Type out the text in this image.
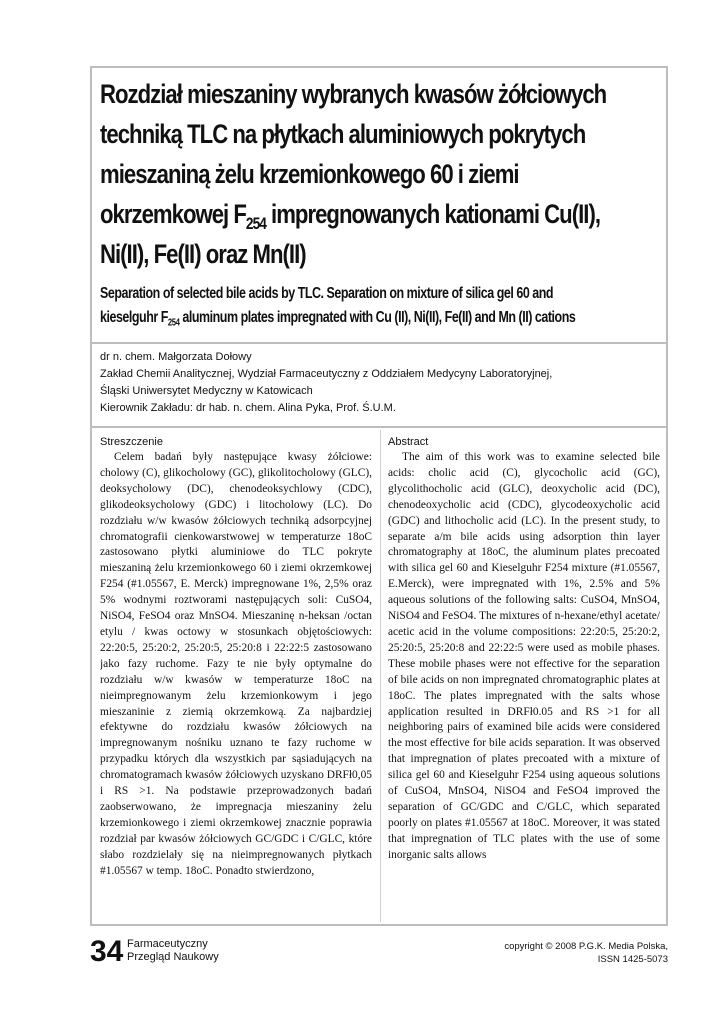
Rozdział mieszaniny wybranych kwasów żółciowych
techniką TLC na płytkach aluminiowych pokrytych
mieszaniną żelu krzemionkowego 60 i ziemi
okrzemkowej $F_{254}$ impregnowanych kationami Cu(II),
Ni(II), Fe(II) oraz Mn(II)
Separation of selected bile acids by TLC. Separation on mixture of silica gel 60 and
kieselguhr $F_{254}$ aluminum plates impregnated with Cu (II), Ni(II), Fe(II) and Mn (II) cations
dr n. chem. Małgorzata Dołowy
Zakład Chemii Analitycznej, Wydział Farmaceutyczny z Oddziałem Medycyny Laboratoryjnej,
Śląski Uniwersytet Medyczny w Katowicach
Kierownik Zakładu: dr hab. n. chem. Alina Pyka, Prof. Ś.U.M.
Streszczenie

Celem badań były następujące kwasy żółciowe: cholowy (C), glikocholowy (GC), glikolitocholowy (GLC), deoksycholowy (DC), chenodeoksychlowy (CDC), glikodeoksycholowy (GDC) i litocholowy (LC). Do rozdziału w/w kwasów żółciowych techniką adsorpcyjnej chromatografii cienkowarstwowej w temperaturze 18oC zastosowano płytki aluminiowe do TLC pokryte mieszaniną żelu krzemionkowego 60 i ziemi okrzemkowej F254 (#1.05567, E. Merck) impregnowane 1%, 2,5% oraz 5% wodnymi roztworami następujących soli: CuSO4, NiSO4, FeSO4 oraz MnSO4. Mieszaninę n-heksan /octan etylu / kwas octowy w stosunkach objętościowych: 22:20:5, 25:20:2, 25:20:5, 25:20:8 i 22:22:5 zastosowano jako fazy ruchome. Fazy te nie były optymalne do rozdziału w/w kwasów w temperaturze 18oC na nieimpregnowanym żelu krzemionkowym i jego mieszaninie z ziemią okrzemkową. Za najbardziej efektywne do rozdziału kwasów żółciowych na impregnowanym nośniku uznano te fazy ruchome w przypadku których dla wszystkich par sąsiadujących na chromatogramach kwasów żółciowych uzyskano DRFł0,05 i RS >1. Na podstawie przeprowadzonych badań zaobserwowano, że impregnacja mieszaniny żelu krzemionkowego i ziemi okrzemkowej znacznie poprawia rozdział par kwasów żółciowych GC/GDC i C/GLC, które słabo rozdzielały się na nieimpregnowanych płytkach #1.05567 w temp. 18oC. Ponadto stwierdzono,

Abstract

The aim of this work was to examine selected bile acids: cholic acid (C), glycocholic acid (GC), glycolithocholic acid (GLC), deoxycholic acid (DC), chenodeoxycholic acid (CDC), glycodeoxycholic acid (GDC) and lithocholic acid (LC). In the present study, to separate a/m bile acids using adsorption thin layer chromatography at 18oC, the aluminum plates precoated with silica gel 60 and Kieselguhr F254 mixture (#1.05567, E.Merck), were impregnated with 1%, 2.5% and 5% aqueous solutions of the following salts: CuSO4, MnSO4, NiSO4 and FeSO4. The mixtures of n-hexane/ethyl acetate/ acetic acid in the volume compositions: 22:20:5, 25:20:2, 25:20:5, 25:20:8 and 22:22:5 were used as mobile phases. These mobile phases were not effective for the separation of bile acids on non impregnated chromatographic plates at 18oC. The plates impregnated with the salts whose application resulted in DRFł0.05 and RS >1 for all neighboring pairs of examined bile acids were considered the most effective for bile acids separation. It was observed that impregnation of plates precoated with a mixture of silica gel 60 and Kieselguhr F254 using aqueous solutions of CuSO4, MnSO4, NiSO4 and FeSO4 improved the separation of GC/GDC and C/GLC, which separated poorly on plates #1.05567 at 18oC. Moreover, it was stated that impregnation of TLC plates with the use of some inorganic salts allows

34 Farmaceutyczny
Przegląd Naukowy
copyright © 2008 P.G.K. Media Polska,
ISSN 1425-5073
